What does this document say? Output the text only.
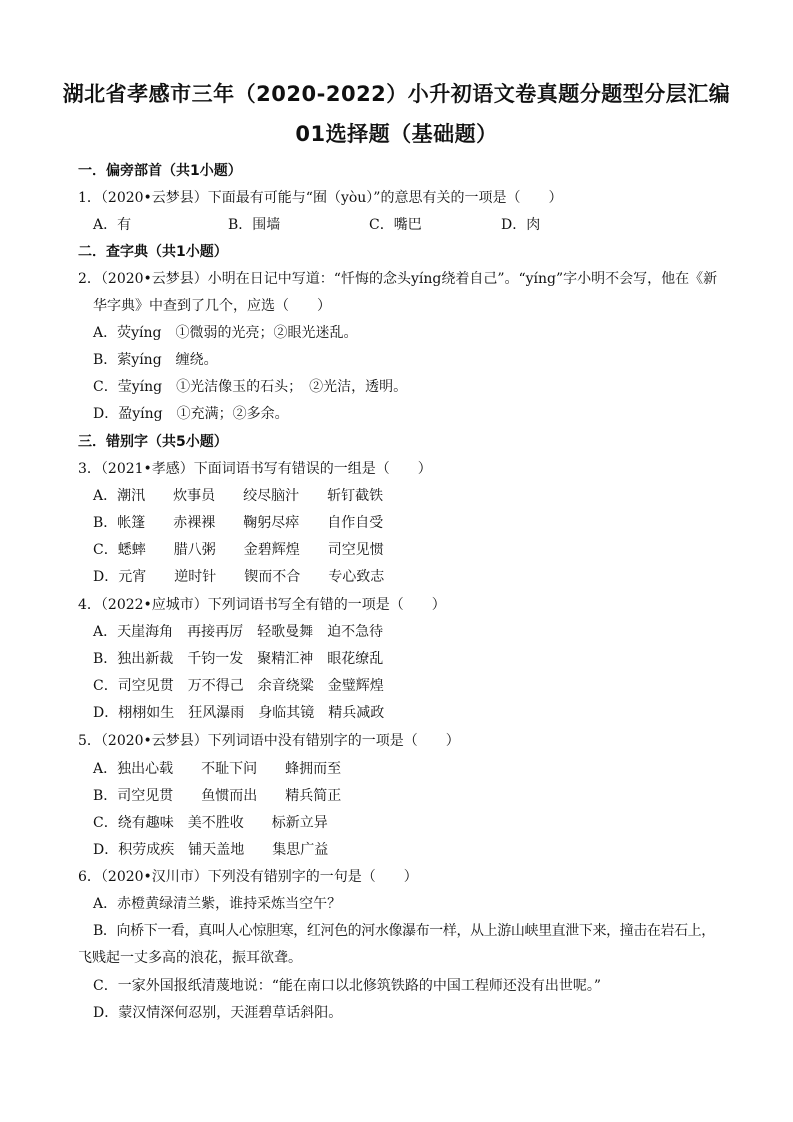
湖北省孝感市三年（2020-2022）小升初语文卷真题分题型分层汇编
01选择题（基础题）
一．偏旁部首（共1小题）
1．（2020•云梦县）下面最有可能与“囿（yòu）”的意思有关的一项是（　　）
A．有	B．围墙	C．嘴巴	D．肉
二．查字典（共1小题）
2．（2020•云梦县）小明在日记中写道：“忏悔的念头yíng绕着自己”。“yíng”字小明不会写，他在《新
华字典》中查到了几个，应选（　　）
A．荧yíng　①微弱的光亮；②眼光迷乱。
B．萦yíng　缠绕。
C．莹yíng　①光洁像玉的石头；　②光洁，透明。
D．盈yíng　①充满；②多余。
三．错别字（共5小题）
3．（2021•孝感）下面词语书写有错误的一组是（　　）
A．潮汛　　炊事员　　绞尽脑汁　　斩钉截铁
B．帐篷　　赤裸裸　　鞠躬尽瘁　　自作自受
C．蟋蟀　　腊八粥　　金碧辉煌　　司空见惯
D．元宵　　逆时针　　锲而不合　　专心致志
4．（2022•应城市）下列词语书写全有错的一项是（　　）
A．天崖海角　再接再厉　轻歌曼舞　迫不急待
B．独出新裁　千钧一发　聚精汇神　眼花缭乱
C．司空见贯　万不得己　余音绕粱　金璧辉煌
D．栩栩如生　狂风瀑雨　身临其镜　精兵减政
5．（2020•云梦县）下列词语中没有错别字的一项是（　　）
A．独出心载　　不耻下问　　蜂拥而至
B．司空见贯　　鱼惯而出　　精兵简正
C．绕有趣味　美不胜收　　标新立异
D．积劳成疾　铺天盖地　　集思广益
6．（2020•汉川市）下列没有错别字的一句是（　　）
A．赤橙黄绿清兰紫，谁持采炼当空午？
B．向桥下一看，真叫人心惊胆寒，红河色的河水像瀑布一样，从上游山峡里直泄下来，撞击在岩石上，
飞贱起一丈多高的浪花，振耳欲聋。
C．一家外国报纸清蔑地说：“能在南口以北修筑铁路的中国工程师还没有出世呢。”
D．蒙汉情深何忍别，天涯碧草话斜阳。
